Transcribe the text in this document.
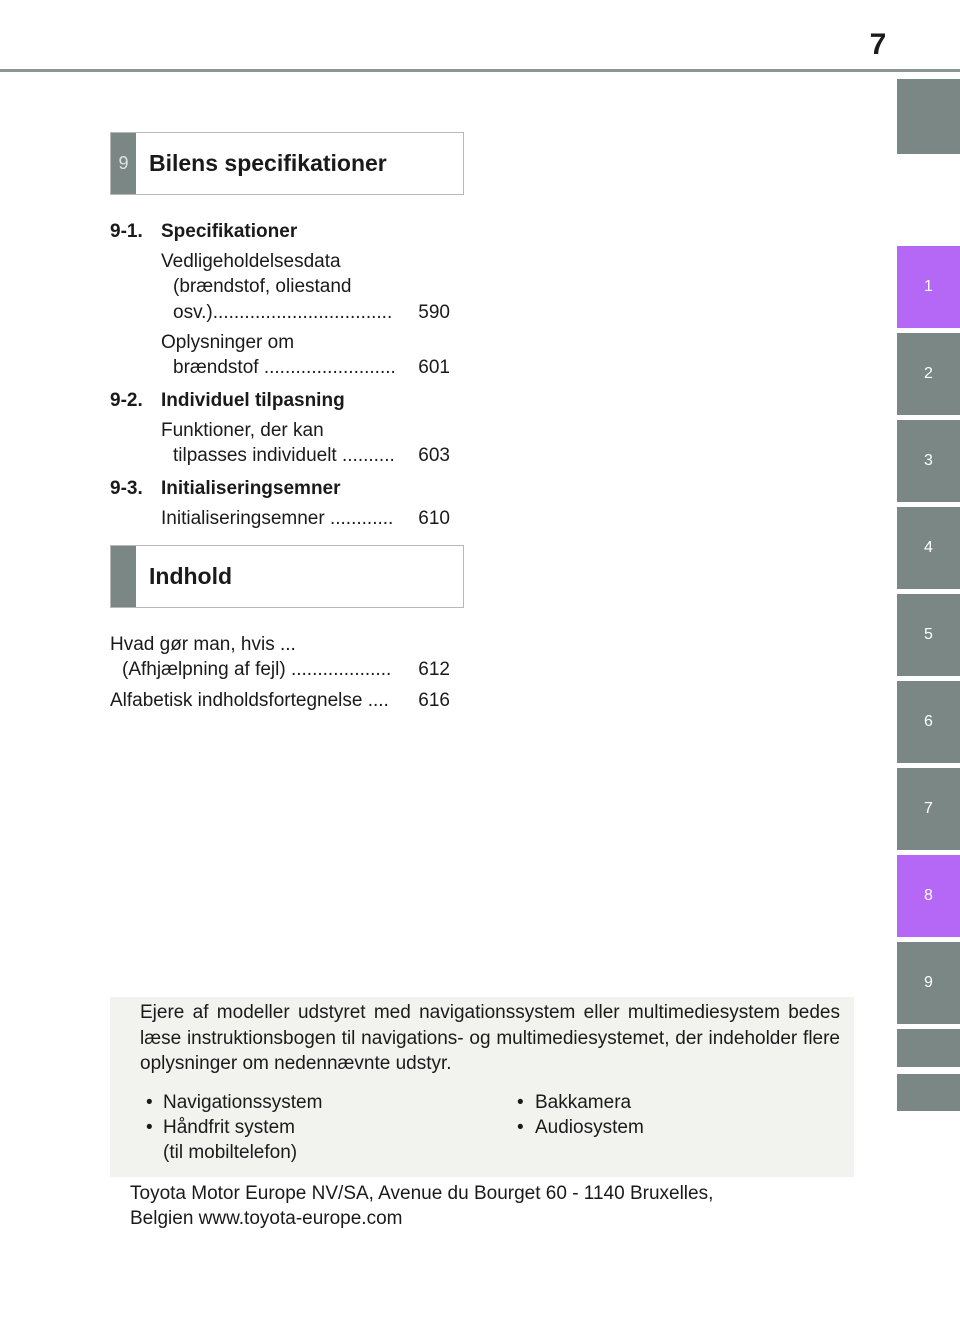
7
1
2
3
4
5
6
7
8
9
9 Bilens specifikationer
9-1. Specifikationer
Vedligeholdelsesdata
(brændstof, oliestand
osv.).................................. 590
Oplysninger om
brændstof ......................... 601
9-2. Individuel tilpasning
Funktioner, der kan
tilpasses individuelt .......... 603
9-3. Initialiseringsemner
Initialiseringsemner ............ 610
Indhold
Hvad gør man, hvis ...
(Afhjælpning af fejl) ................... 612
Alfabetisk indholdsfortegnelse .... 616
Ejere af modeller udstyret med navigationssystem eller multimediesystem bedes læse instruktionsbogen til navigations- og multimediesystemet, der indeholder flere oplysninger om nedennævnte udstyr.
• Navigationssystem
• Håndfrit system
(til mobiltelefon)
• Bakkamera
• Audiosystem
Toyota Motor Europe NV/SA, Avenue du Bourget 60 - 1140 Bruxelles,
Belgien www.toyota-europe.com
